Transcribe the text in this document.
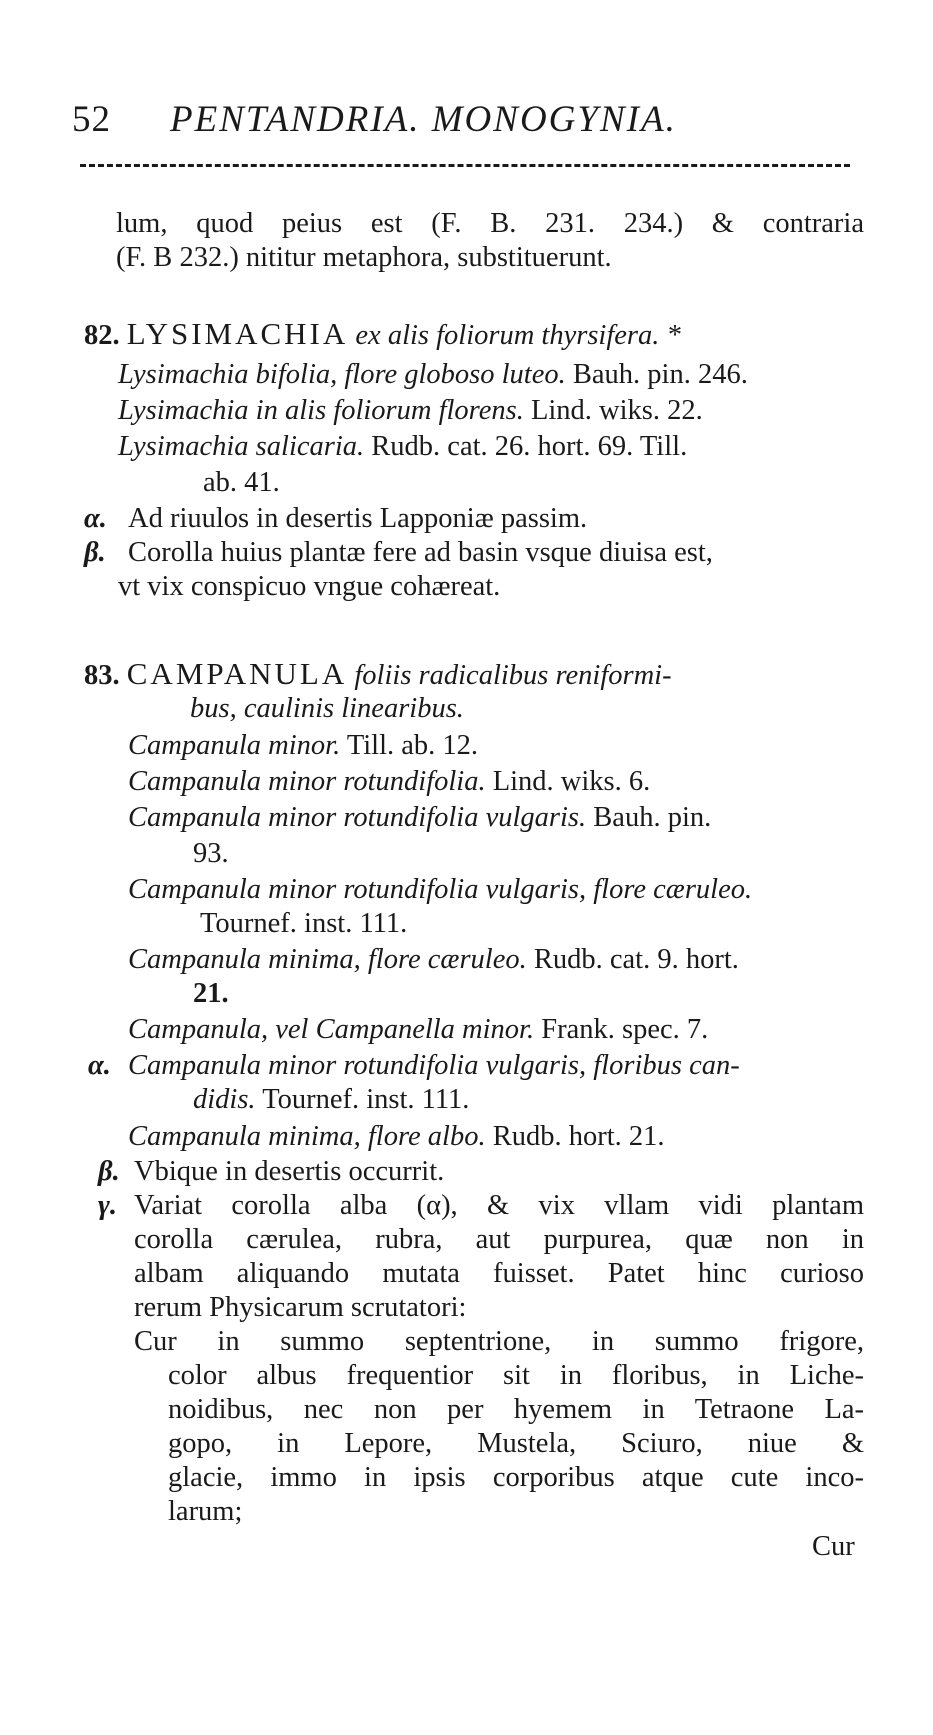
52 PENTANDRIA. MONOGYNIA.
lum, quod peius est (F. B. 231. 234.) & contraria
(F. B 232.) nititur metaphora, substituerunt.
82. LYSIMACHIA ex alis foliorum thyrsifera. *
Lysimachia bifolia, flore globoso luteo. Bauh. pin. 246.
Lysimachia in alis foliorum florens. Lind. wiks. 22.
Lysimachia salicaria. Rudb. cat. 26. hort. 69. Till.
ab. 41.
α. Ad riuulos in desertis Lapponiæ passim.
β. Corolla huius plantæ fere ad basin vsque diuisa est,
vt vix conspicuo vngue cohæreat.
83. CAMPANULA foliis radicalibus reniformi-
bus, caulinis linearibus.
Campanula minor. Till. ab. 12.
Campanula minor rotundifolia. Lind. wiks. 6.
Campanula minor rotundifolia vulgaris. Bauh. pin.
93.
Campanula minor rotundifolia vulgaris, flore cæruleo.
Tournef. inst. 111.
Campanula minima, flore cæruleo. Rudb. cat. 9. hort.
21.
Campanula, vel Campanella minor. Frank. spec. 7.
α. Campanula minor rotundifolia vulgaris, floribus can-
didis. Tournef. inst. 111.
Campanula minima, flore albo. Rudb. hort. 21.
β. Vbique in desertis occurrit.
γ. Variat corolla alba (α), & vix vllam vidi plantam
corolla cærulea, rubra, aut purpurea, quæ non in
albam aliquando mutata fuisset. Patet hinc curioso
rerum Physicarum scrutatori:
Cur in summo septentrione, in summo frigore,
color albus frequentior sit in floribus, in Liche-
noidibus, nec non per hyemem in Tetraone La-
gopo, in Lepore, Mustela, Sciuro, niue &
glacie, immo in ipsis corporibus atque cute inco-
larum;
Cur
